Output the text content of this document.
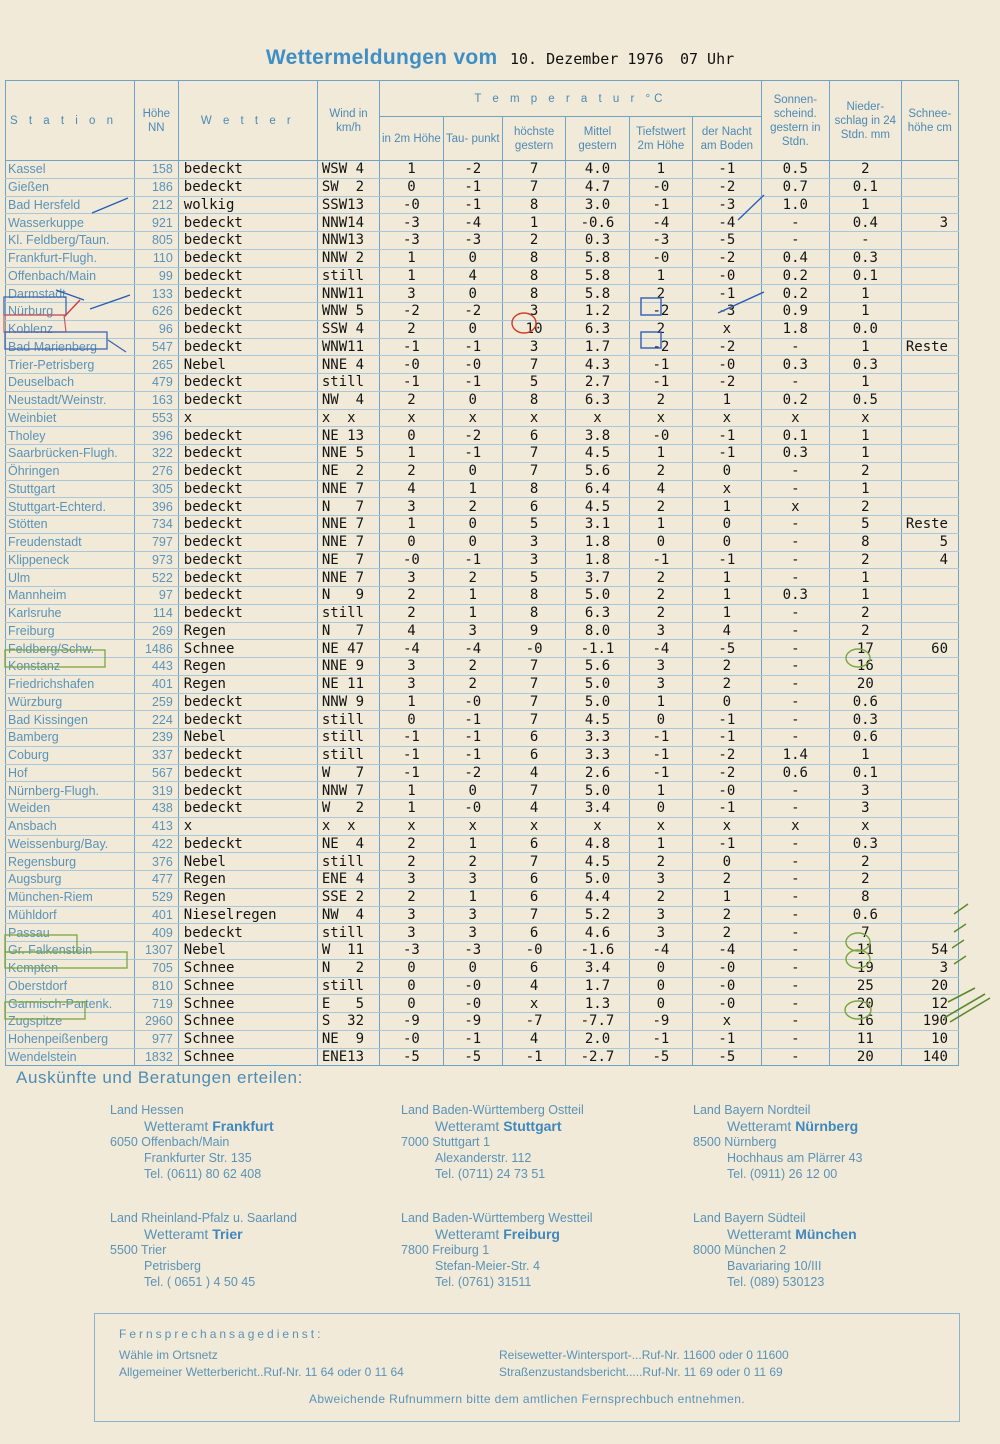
Wettermeldungen vom 10. Dezember 1976 07 Uhr
S t a t i o n	Höhe NN	W e t t e r	Wind in km/h	T e m p e r a t u r °C						Sonnen- scheind. gestern in Stdn.	Nieder- schlag in 24 Stdn. mm	Schnee- höhe cm
				in 2m Höhe	Tau- punkt	höchste gestern	Mittel gestern	Tiefstwert 2m Höhe	der Nacht am Boden			
Kassel	158	bedeckt	WSW 4	1	-2	7	4.0	1	-1	0.5	2	
Gießen	186	bedeckt	SW  2	0	-1	7	4.7	-0	-2	0.7	0.1	
Bad Hersfeld	212	wolkig	SSW13	-0	-1	8	3.0	-1	-3	1.0	1	
Wasserkuppe	921	bedeckt	NNW14	-3	-4	1	-0.6	-4	-4	-	0.4	3
Kl. Feldberg/Taun.	805	bedeckt	NNW13	-3	-3	2	0.3	-3	-5	-	-	
Frankfurt-Flugh.	110	bedeckt	NNW 2	1	0	8	5.8	-0	-2	0.4	0.3	
Offenbach/Main	99	bedeckt	still	1	4	8	5.8	1	-0	0.2	0.1	
Darmstadt	133	bedeckt	NNW11	3	0	8	5.8	2	-1	0.2	1	
Nürburg	626	bedeckt	WNW 5	-2	-2	3	1.2	-2	-3	0.9	1	
Koblenz	96	bedeckt	SSW 4	2	0	10	6.3	2	x	1.8	0.0	
Bad Marienberg	547	bedeckt	WNW11	-1	-1	3	1.7	-2	-2	-	1	Reste
Trier-Petrisberg	265	Nebel	NNE 4	-0	-0	7	4.3	-1	-0	0.3	0.3	
Deuselbach	479	bedeckt	still	-1	-1	5	2.7	-1	-2	-	1	
Neustadt/Weinstr.	163	bedeckt	NW  4	2	0	8	6.3	2	1	0.2	0.5	
Weinbiet	553	x	x  x	x	x	x	x	x	x	x	x	
Tholey	396	bedeckt	NE 13	0	-2	6	3.8	-0	-1	0.1	1	
Saarbrücken-Flugh.	322	bedeckt	NNE 5	1	-1	7	4.5	1	-1	0.3	1	
Öhringen	276	bedeckt	NE  2	2	0	7	5.6	2	0	-	2	
Stuttgart	305	bedeckt	NNE 7	4	1	8	6.4	4	x	-	1	
Stuttgart-Echterd.	396	bedeckt	N   7	3	2	6	4.5	2	1	x	2	
Stötten	734	bedeckt	NNE 7	1	0	5	3.1	1	0	-	5	Reste
Freudenstadt	797	bedeckt	NNE 7	0	0	3	1.8	0	0	-	8	5
Klippeneck	973	bedeckt	NE  7	-0	-1	3	1.8	-1	-1	-	2	4
Ulm	522	bedeckt	NNE 7	3	2	5	3.7	2	1	-	1	
Mannheim	97	bedeckt	N   9	2	1	8	5.0	2	1	0.3	1	
Karlsruhe	114	bedeckt	still	2	1	8	6.3	2	1	-	2	
Freiburg	269	Regen	N   7	4	3	9	8.0	3	4	-	2	
Feldberg/Schw.	1486	Schnee	NE 47	-4	-4	-0	-1.1	-4	-5	-	17	60
Konstanz	443	Regen	NNE 9	3	2	7	5.6	3	2	-	16	
Friedrichshafen	401	Regen	NE 11	3	2	7	5.0	3	2	-	20	
Würzburg	259	bedeckt	NNW 9	1	-0	7	5.0	1	0	-	0.6	
Bad Kissingen	224	bedeckt	still	0	-1	7	4.5	0	-1	-	0.3	
Bamberg	239	Nebel	still	-1	-1	6	3.3	-1	-1	-	0.6	
Coburg	337	bedeckt	still	-1	-1	6	3.3	-1	-2	1.4	1	
Hof	567	bedeckt	W   7	-1	-2	4	2.6	-1	-2	0.6	0.1	
Nürnberg-Flugh.	319	bedeckt	NNW 7	1	0	7	5.0	1	-0	-	3	
Weiden	438	bedeckt	W   2	1	-0	4	3.4	0	-1	-	3	
Ansbach	413	x	x  x	x	x	x	x	x	x	x	x	
Weissenburg/Bay.	422	bedeckt	NE  4	2	1	6	4.8	1	-1	-	0.3	
Regensburg	376	Nebel	still	2	2	7	4.5	2	0	-	2	
Augsburg	477	Regen	ENE 4	3	3	6	5.0	3	2	-	2	
München-Riem	529	Regen	SSE 2	2	1	6	4.4	2	1	-	8	
Mühldorf	401	Nieselregen	NW  4	3	3	7	5.2	3	2	-	0.6	
Passau	409	bedeckt	still	3	3	6	4.6	3	2	-	7	
Gr. Falkenstein	1307	Nebel	W  11	-3	-3	-0	-1.6	-4	-4	-	11	54
Kempten	705	Schnee	N   2	0	0	6	3.4	0	-0	-	19	3
Oberstdorf	810	Schnee	still	0	-0	4	1.7	0	-0	-	25	20
Garmisch-Partenk.	719	Schnee	E   5	0	-0	x	1.3	0	-0	-	20	12
Zugspitze	2960	Schnee	S  32	-9	-9	-7	-7.7	-9	x	-	16	190
Hohenpeißenberg	977	Schnee	NE  9	-0	-1	4	2.0	-1	-1	-	11	10
Wendelstein	1832	Schnee	ENE13	-5	-5	-1	-2.7	-5	-5	-	20	140
Auskünfte und Beratungen erteilen:
Land Hessen
Wetteramt Frankfurt
6050 Offenbach/Main
Frankfurter Str. 135
Tel. (0611) 80 62 408
Land Baden-Württemberg Ostteil
Wetteramt Stuttgart
7000 Stuttgart 1
Alexanderstr. 112
Tel. (0711) 24 73 51
Land Bayern Nordteil
Wetteramt Nürnberg
8500 Nürnberg
Hochhaus am Plärrer 43
Tel. (0911) 26 12 00
Land Rheinland-Pfalz u. Saarland
Wetteramt Trier
5500 Trier
Petrisberg
Tel. ( 0651 ) 4 50 45
Land Baden-Württemberg Westteil
Wetteramt Freiburg
7800 Freiburg 1
Stefan-Meier-Str. 4
Tel. (0761) 31511
Land Bayern Südteil
Wetteramt München
8000 München 2
Bavariaring 10/III
Tel. (089) 530123
Fernsprechansagedienst:
Wähle im Ortsnetz
Allgemeiner Wetterbericht..Ruf-Nr. 11 64 oder 0 11 64
Reisewetter-Wintersport-...Ruf-Nr. 11600 oder 0 11600
Straßenzustandsbericht.....Ruf-Nr. 11 69 oder 0 11 69
Abweichende Rufnummern bitte dem amtlichen Fernsprechbuch entnehmen.
